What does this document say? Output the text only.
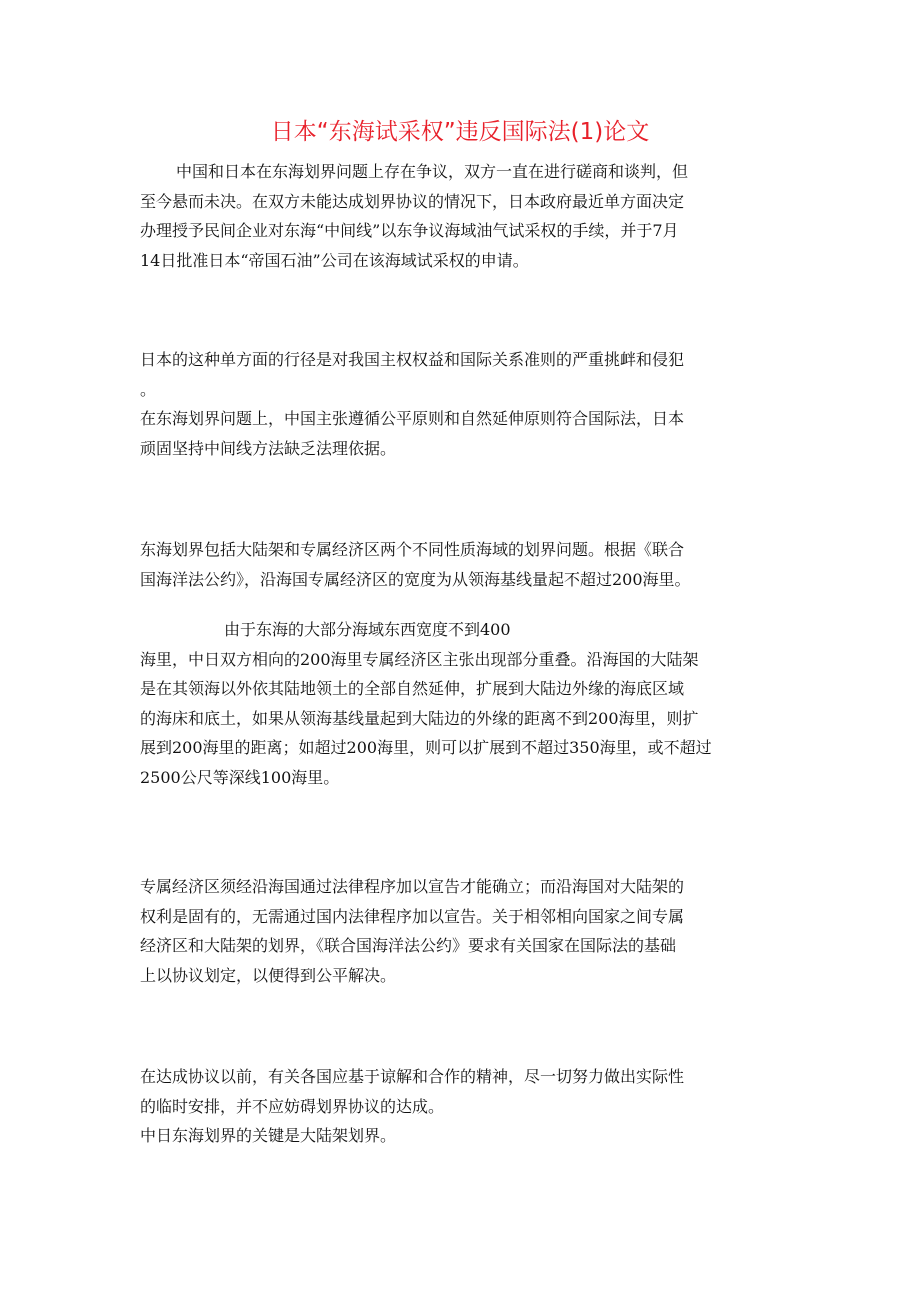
日本“东海试采权”违反国际法(1)论文
中国和日本在东海划界问题上存在争议，双方一直在进行磋商和谈判，但
至今悬而未决。在双方未能达成划界协议的情况下，日本政府最近单方面决定
办理授予民间企业对东海“中间线”以东争议海域油气试采权的手续，并于7月
14日批准日本“帝国石油”公司在该海域试采权的申请。
日本的这种单方面的行径是对我国主权权益和国际关系准则的严重挑衅和侵犯
。
在东海划界问题上，中国主张遵循公平原则和自然延伸原则符合国际法，日本
顽固坚持中间线方法缺乏法理依据。
东海划界包括大陆架和专属经济区两个不同性质海域的划界问题。根据《联合
国海洋法公约》，沿海国专属经济区的宽度为从领海基线量起不超过200海里。
由于东海的大部分海域东西宽度不到400
海里，中日双方相向的200海里专属经济区主张出现部分重叠。沿海国的大陆架
是在其领海以外依其陆地领土的全部自然延伸，扩展到大陆边外缘的海底区域
的海床和底土，如果从领海基线量起到大陆边的外缘的距离不到200海里，则扩
展到200海里的距离；如超过200海里，则可以扩展到不超过350海里，或不超过
2500公尺等深线100海里。
专属经济区须经沿海国通过法律程序加以宣告才能确立；而沿海国对大陆架的
权利是固有的，无需通过国内法律程序加以宣告。关于相邻相向国家之间专属
经济区和大陆架的划界，《联合国海洋法公约》要求有关国家在国际法的基础
上以协议划定，以便得到公平解决。
在达成协议以前，有关各国应基于谅解和合作的精神，尽一切努力做出实际性
的临时安排，并不应妨碍划界协议的达成。
中日东海划界的关键是大陆架划界。
